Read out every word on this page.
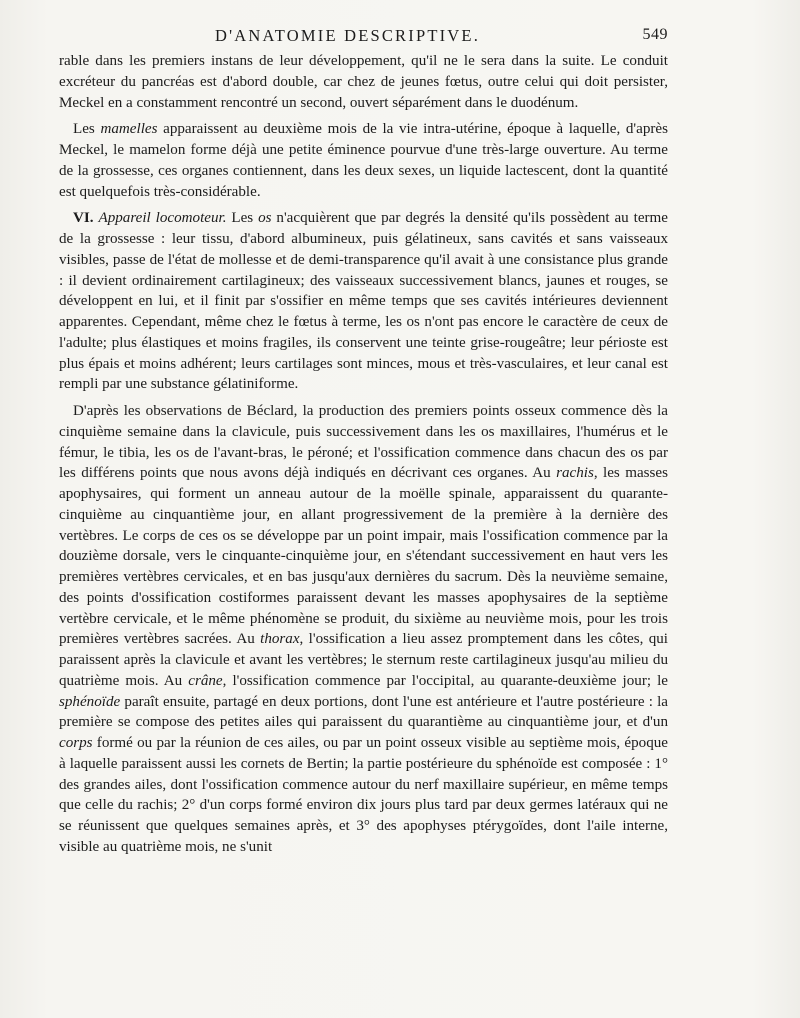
D'ANATOMIE DESCRIPTIVE.	549

rable dans les premiers instans de leur développement, qu'il ne le sera dans la suite. Le conduit excréteur du pancréas est d'abord double, car chez de jeunes fœtus, outre celui qui doit persister, Meckel en a constamment rencontré un second, ouvert séparément dans le duodénum.

Les mamelles apparaissent au deuxième mois de la vie intra-utérine, époque à laquelle, d'après Meckel, le mamelon forme déjà une petite éminence pourvue d'une très-large ouverture. Au terme de la grossesse, ces organes contiennent, dans les deux sexes, un liquide lactescent, dont la quantité est quelquefois très-considérable.

VI. Appareil locomoteur. Les os n'acquièrent que par degrés la densité qu'ils possèdent au terme de la grossesse : leur tissu, d'abord albumineux, puis gélatineux, sans cavités et sans vaisseaux visibles, passe de l'état de mollesse et de demi-transparence qu'il avait à une consistance plus grande : il devient ordinairement cartilagineux; des vaisseaux successivement blancs, jaunes et rouges, se développent en lui, et il finit par s'ossifier en même temps que ses cavités intérieures deviennent apparentes. Cependant, même chez le fœtus à terme, les os n'ont pas encore le caractère de ceux de l'adulte; plus élastiques et moins fragiles, ils conservent une teinte grise-rougeâtre; leur périoste est plus épais et moins adhérent; leurs cartilages sont minces, mous et très-vasculaires, et leur canal est rempli par une substance gélatiniforme.

D'après les observations de Béclard, la production des premiers points osseux commence dès la cinquième semaine dans la clavicule, puis successivement dans les os maxillaires, l'humérus et le fémur, le tibia, les os de l'avant-bras, le péroné; et l'ossification commence dans chacun des os par les différens points que nous avons déjà indiqués en décrivant ces organes. Au rachis, les masses apophysaires, qui forment un anneau autour de la moëlle spinale, apparaissent du quarante-cinquième au cinquantième jour, en allant progressivement de la première à la dernière des vertèbres. Le corps de ces os se développe par un point impair, mais l'ossification commence par la douzième dorsale, vers le cinquante-cinquième jour, en s'étendant successivement en haut vers les premières vertèbres cervicales, et en bas jusqu'aux dernières du sacrum. Dès la neuvième semaine, des points d'ossification costiformes paraissent devant les masses apophysaires de la septième vertèbre cervicale, et le même phénomène se produit, du sixième au neuvième mois, pour les trois premières vertèbres sacrées. Au thorax, l'ossification a lieu assez promptement dans les côtes, qui paraissent après la clavicule et avant les vertèbres; le sternum reste cartilagineux jusqu'au milieu du quatrième mois. Au crâne, l'ossification commence par l'occipital, au quarante-deuxième jour; le sphénoïde paraît ensuite, partagé en deux portions, dont l'une est antérieure et l'autre postérieure : la première se compose des petites ailes qui paraissent du quarantième au cinquantième jour, et d'un corps formé ou par la réunion de ces ailes, ou par un point osseux visible au septième mois, époque à laquelle paraissent aussi les cornets de Bertin; la partie postérieure du sphénoïde est composée : 1° des grandes ailes, dont l'ossification commence autour du nerf maxillaire supérieur, en même temps que celle du rachis; 2° d'un corps formé environ dix jours plus tard par deux germes latéraux qui ne se réunissent que quelques semaines après, et 3° des apophyses ptérygoïdes, dont l'aile interne, visible au quatrième mois, ne s'unit
